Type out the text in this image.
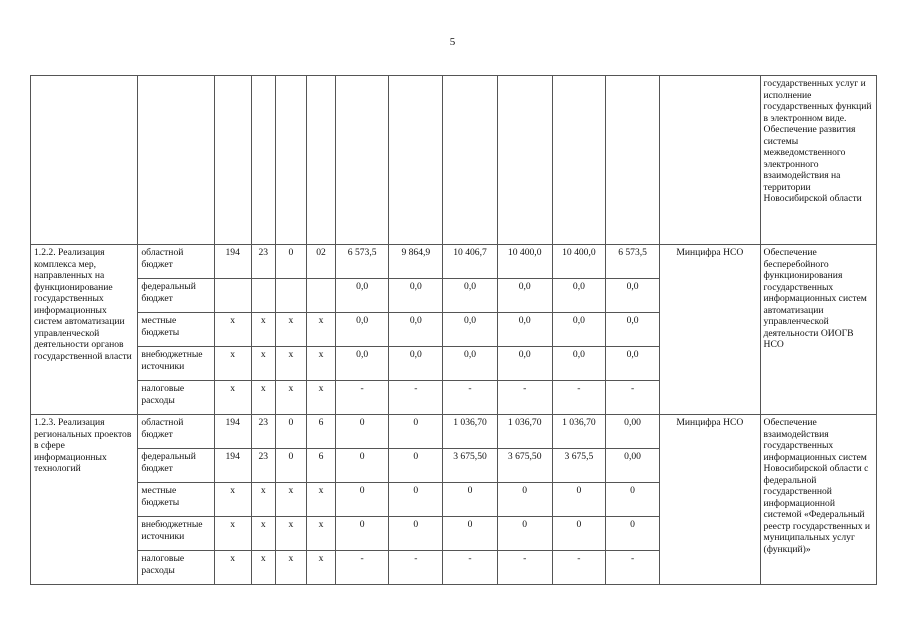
5
													государственных услуг и исполнение государственных функций в электронном виде. Обеспечение развития системы межведомственного электронного взаимодействия на территории Новосибирской области
1.2.2. Реализация комплекса мер, направленных на функционирование государственных информационных систем автоматизации управленческой деятельности органов государственной власти	областной бюджет	194	23	0	02	6 573,5	9 864,9	10 406,7	10 400,0	10 400,0	6 573,5	Минцифра НСО	Обеспечение бесперебойного функционирования государственных информационных систем автоматизации управленческой деятельности ОИОГВ НСО
	федеральный бюджет					0,0	0,0	0,0	0,0	0,0	0,0		
	местные бюджеты	х	х	х	х	0,0	0,0	0,0	0,0	0,0	0,0		
	внебюджетные источники	х	х	х	х	0,0	0,0	0,0	0,0	0,0	0,0		
	налоговые расходы	х	х	х	х	-	-	-	-	-	-		
1.2.3. Реализация региональных проектов в сфере информационных технологий	областной бюджет	194	23	0	6	0	0	1 036,70	1 036,70	1 036,70	0,00	Минцифра НСО	Обеспечение взаимодействия государственных информационных систем Новосибирской области с федеральной государственной информационной системой «Федеральный реестр государственных и муниципальных услуг (функций)»
	федеральный бюджет	194	23	0	6	0	0	3 675,50	3 675,50	3 675,5	0,00		
	местные бюджеты	х	х	х	х	0	0	0	0	0	0		
	внебюджетные источники	х	х	х	х	0	0	0	0	0	0		
	налоговые расходы	х	х	х	х	-	-	-	-	-	-		
